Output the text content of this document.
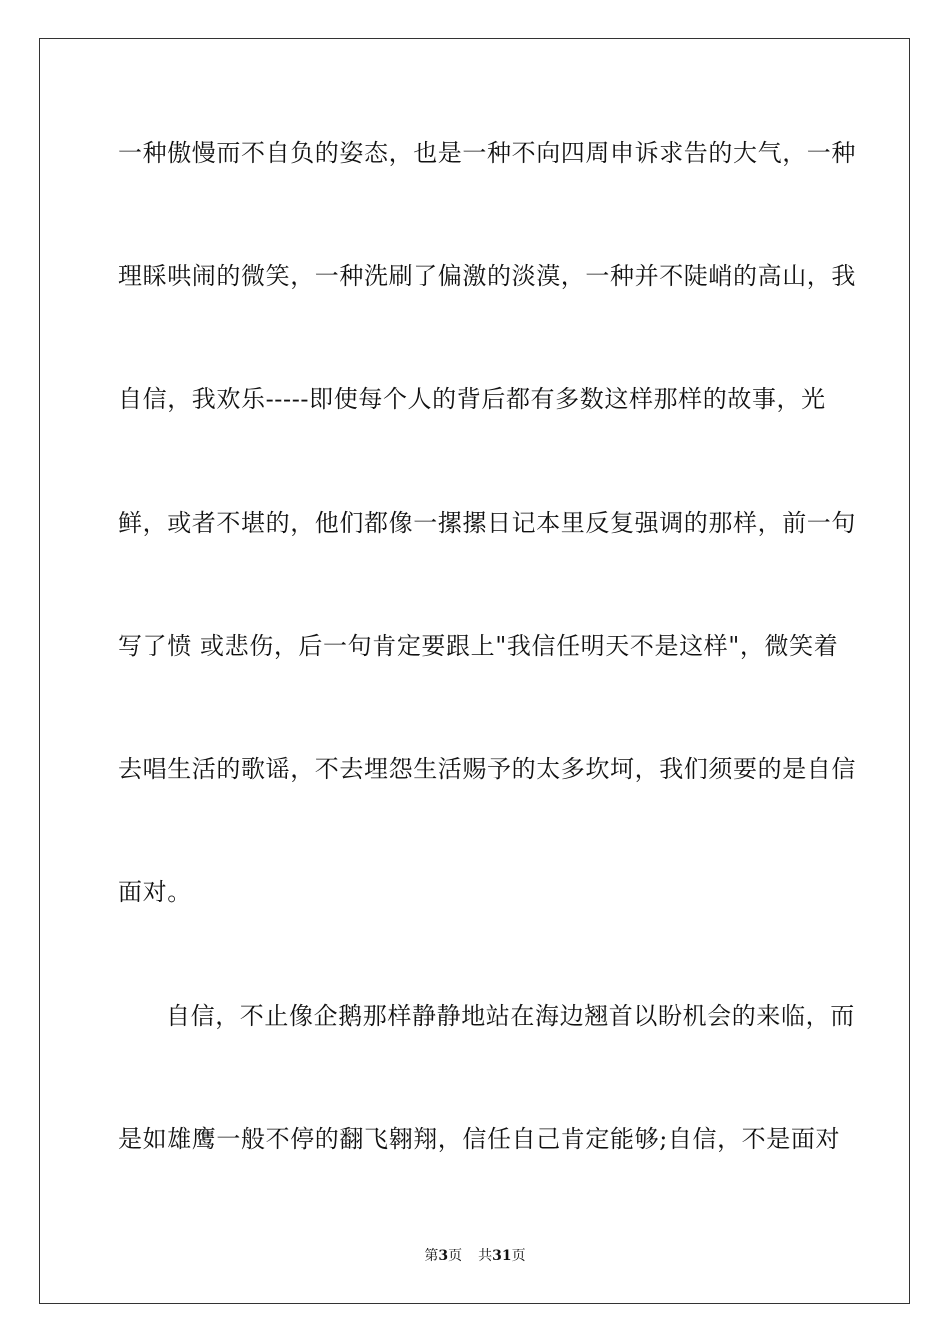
一种傲慢而不自负的姿态，也是一种不向四周申诉求告的大气，一种
理睬哄闹的微笑，一种洗刷了偏激的淡漠，一种并不陡峭的高山，我
自信，我欢乐-----即使每个人的背后都有多数这样那样的故事，光
鲜，或者不堪的，他们都像一摞摞日记本里反复强调的那样，前一句
写了愤 或悲伤，后一句肯定要跟上"我信任明天不是这样"，微笑着
去唱生活的歌谣，不去埋怨生活赐予的太多坎坷，我们须要的是自信
面对。
自信，不止像企鹅那样静静地站在海边翘首以盼机会的来临，而
是如雄鹰一般不停的翻飞翱翔，信任自己肯定能够;自信，不是面对
第3页 共31页
